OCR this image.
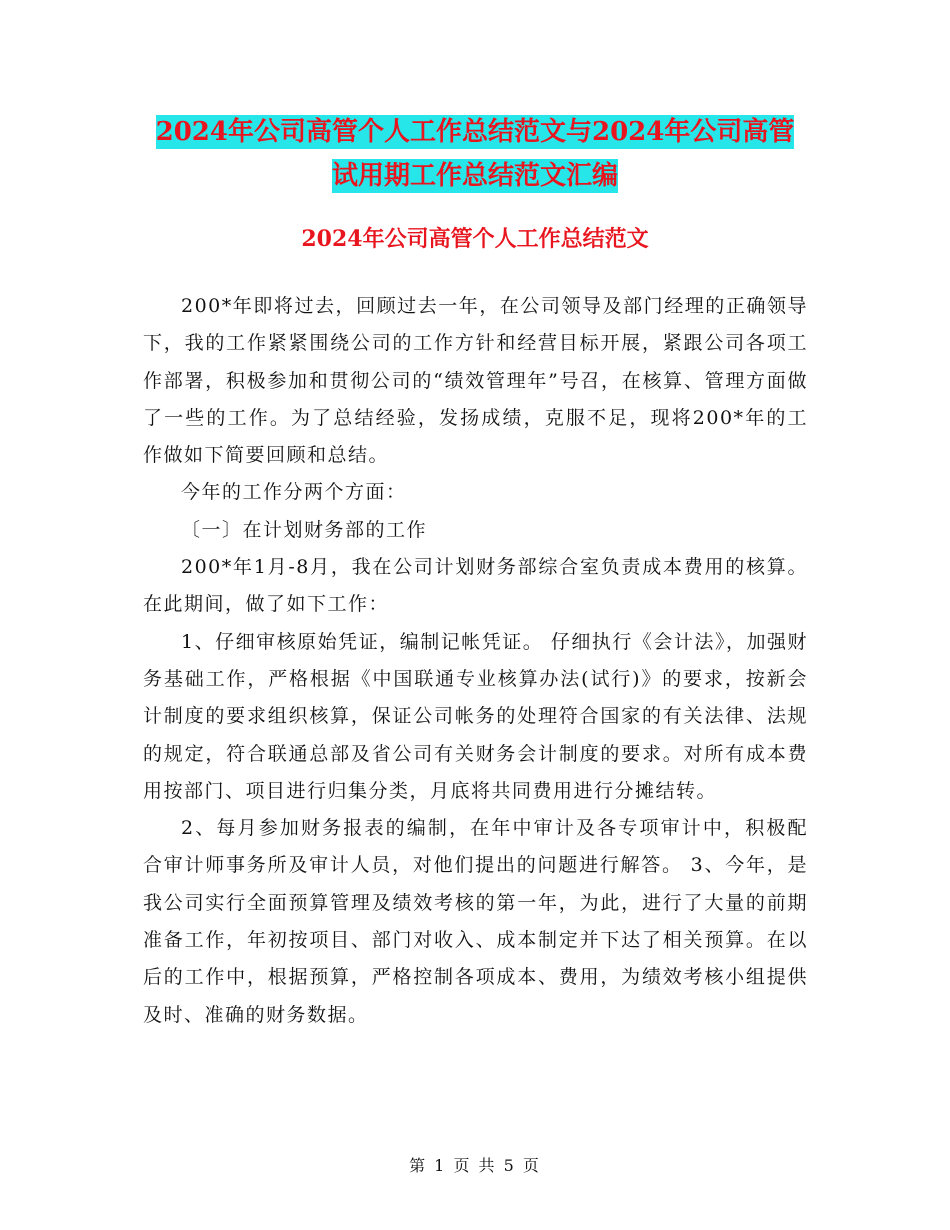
2024年公司高管个人工作总结范文与2024年公司高管
试用期工作总结范文汇编
2024年公司高管个人工作总结范文

200*年即将过去，回顾过去一年，在公司领导及部门经理的正确领导下，我的工作紧紧围绕公司的工作方针和经营目标开展，紧跟公司各项工作部署，积极参加和贯彻公司的“绩效管理年”号召，在核算、管理方面做了一些的工作。为了总结经验，发扬成绩，克服不足，现将200*年的工作做如下简要回顾和总结。

今年的工作分两个方面：

〔一〕在计划财务部的工作

200*年1月-8月，我在公司计划财务部综合室负责成本费用的核算。在此期间，做了如下工作：

1、仔细审核原始凭证，编制记帐凭证。 仔细执行《会计法》，加强财务基础工作，严格根据《中国联通专业核算办法(试行)》的要求，按新会计制度的要求组织核算，保证公司帐务的处理符合国家的有关法律、法规的规定，符合联通总部及省公司有关财务会计制度的要求。对所有成本费用按部门、项目进行归集分类，月底将共同费用进行分摊结转。

2、每月参加财务报表的编制，在年中审计及各专项审计中，积极配合审计师事务所及审计人员，对他们提出的问题进行解答。 3、今年，是我公司实行全面预算管理及绩效考核的第一年，为此，进行了大量的前期准备工作，年初按项目、部门对收入、成本制定并下达了相关预算。在以后的工作中，根据预算，严格控制各项成本、费用，为绩效考核小组提供及时、准确的财务数据。

第 1 页 共 5 页
